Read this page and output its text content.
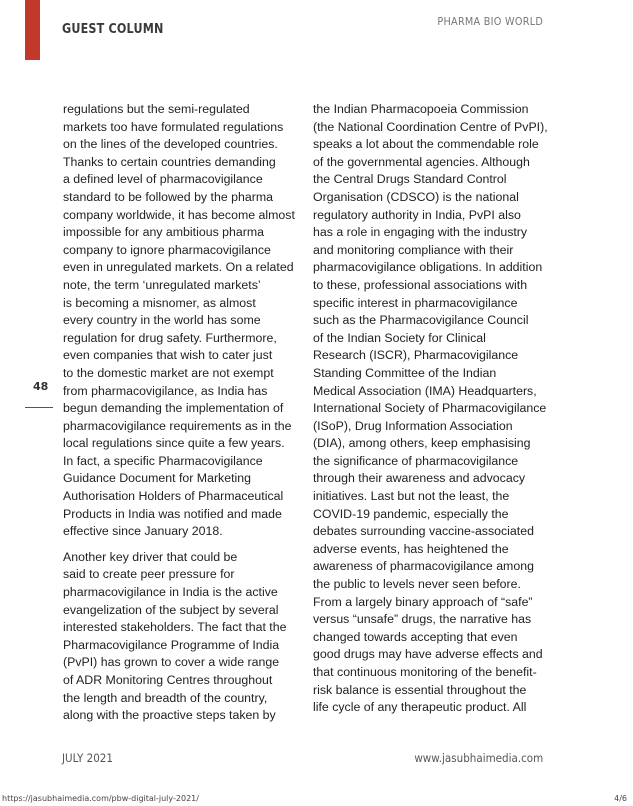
GUEST COLUMN
PHARMA BIO WORLD
48

regulations but the semi-regulated

markets too have formulated regulations

on the lines of the developed countries.

Thanks to certain countries demanding

a defined level of pharmacovigilance

standard to be followed by the pharma

company worldwide, it has become almost

impossible for any ambitious pharma

company to ignore pharmacovigilance

even in unregulated markets. On a related

note, the term ‘unregulated markets’

is becoming a misnomer, as almost

every country in the world has some

regulation for drug safety. Furthermore,

even companies that wish to cater just

to the domestic market are not exempt

from pharmacovigilance, as India has

begun demanding the implementation of

pharmacovigilance requirements as in the

local regulations since quite a few years.

In fact, a specific Pharmacovigilance

Guidance Document for Marketing

Authorisation Holders of Pharmaceutical

Products in India was notified and made

effective since January 2018.

Another key driver that could be

said to create peer pressure for

pharmacovigilance in India is the active

evangelization of the subject by several

interested stakeholders. The fact that the

Pharmacovigilance Programme of India

(PvPI) has grown to cover a wide range

of ADR Monitoring Centres throughout

the length and breadth of the country,

along with the proactive steps taken by

the Indian Pharmacopoeia Commission

(the National Coordination Centre of PvPI),

speaks a lot about the commendable role

of the governmental agencies. Although

the Central Drugs Standard Control

Organisation (CDSCO) is the national

regulatory authority in India, PvPI also

has a role in engaging with the industry

and monitoring compliance with their

pharmacovigilance obligations. In addition

to these, professional associations with

specific interest in pharmacovigilance

such as the Pharmacovigilance Council

of the Indian Society for Clinical

Research (ISCR), Pharmacovigilance

Standing Committee of the Indian

Medical Association (IMA) Headquarters,

International Society of Pharmacovigilance

(ISoP), Drug Information Association

(DIA), among others, keep emphasising

the significance of pharmacovigilance

through their awareness and advocacy

initiatives. Last but not the least, the

COVID-19 pandemic, especially the

debates surrounding vaccine-associated

adverse events, has heightened the

awareness of pharmacovigilance among

the public to levels never seen before.

From a largely binary approach of “safe”

versus “unsafe” drugs, the narrative has

changed towards accepting that even

good drugs may have adverse effects and

that continuous monitoring of the benefit-

risk balance is essential throughout the

life cycle of any therapeutic product. All

JULY 2021	www.jasubhaimedia.com
https://jasubhaimedia.com/pbw-digital-july-2021/	4/6
